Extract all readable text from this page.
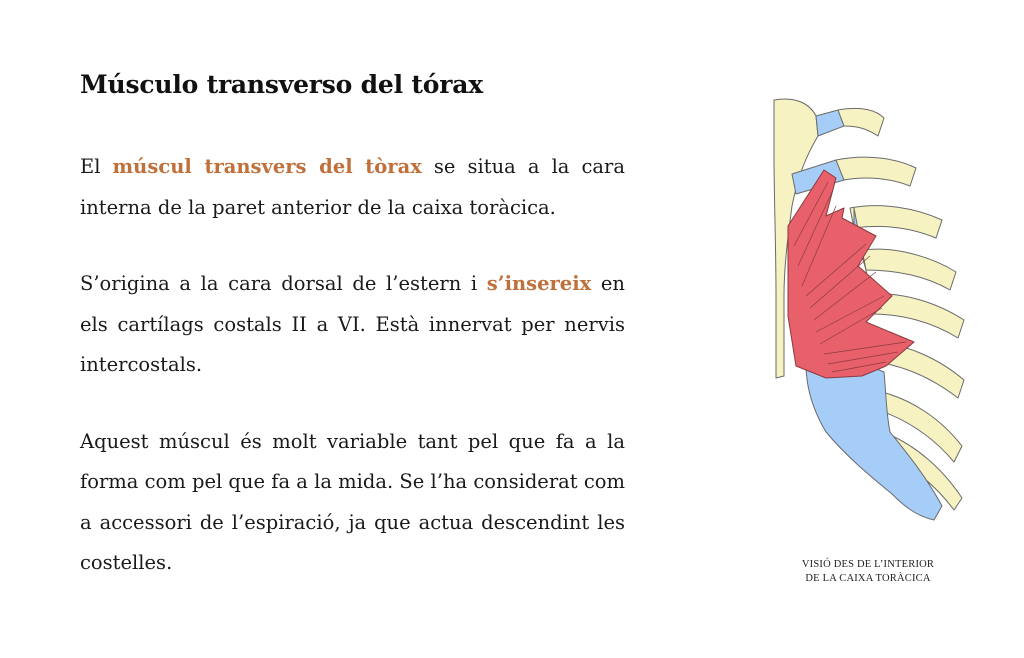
Músculo transverso del tórax

El múscul transvers del tòrax se situa a la cara interna de la paret anterior de la caixa toràcica.

S’origina a la cara dorsal de l’estern i s’insereix en els cartílags costals II a VI. Està innervat per nervis intercostals.

Aquest múscul és molt variable tant pel que fa a la forma com pel que fa a la mida. Se l’ha considerat com a accessori de l’espiració, ja que actua descendint les costelles.	VISIÓ DES DE L’INTERIOR
DE LA CAIXA TORÀCICA
